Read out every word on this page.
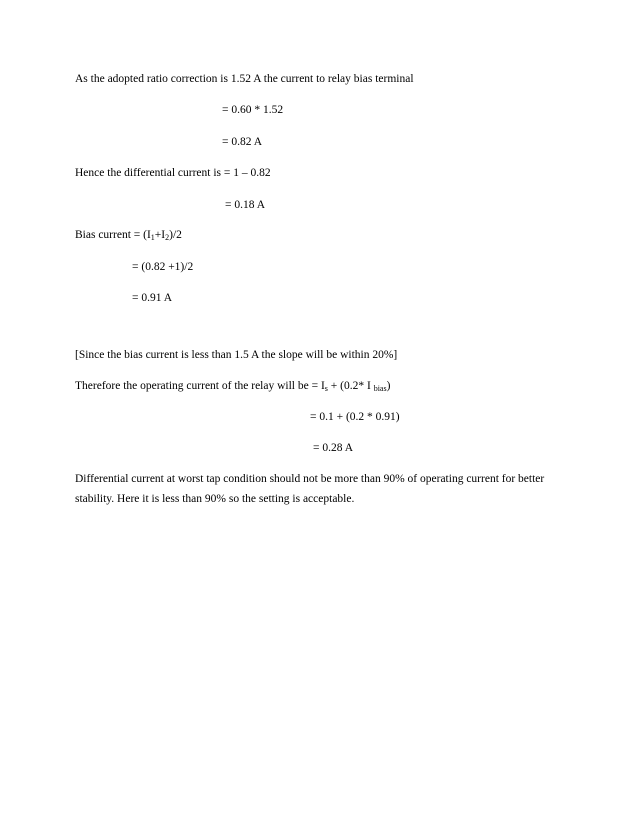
As the adopted ratio correction is 1.52 A the current to relay bias terminal
= 0.60 * 1.52
= 0.82 A
Hence the differential current is = 1 – 0.82
= 0.18 A
Bias current = $(I_1+I_2)/2$
= (0.82 +1)/2
= 0.91 A
[Since the bias current is less than 1.5 A the slope will be within 20%]
Therefore the operating current of the relay will be = $I_s + (0.2*$ I $_{bias}$)
= 0.1 + (0.2 * 0.91)
= 0.28 A
Differential current at worst tap condition should not be more than 90% of operating current for better
stability. Here it is less than 90% so the setting is acceptable.
